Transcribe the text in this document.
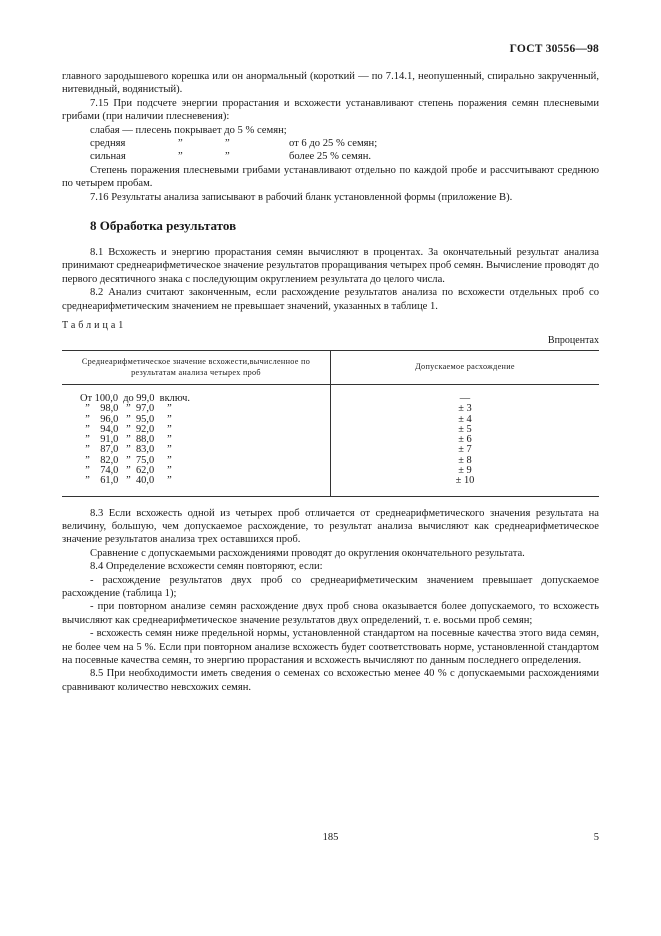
ГОСТ 30556—98

главного зародышевого корешка или он анормальный (короткий — по 7.14.1, неопушенный, спирально закрученный, нитевидный, водянистый).

7.15 При подсчете энергии прорастания и всхожести устанавливают степень поражения семян плесневыми грибами (при наличии плесневения):

слабая — плесень покрывает до 5 % семян;
средняя	”	”	от 6 до 25 % семян;
сильная	”	”	более 25 % семян.

Степень поражения плесневыми грибами устанавливают отдельно по каждой пробе и рассчитывают среднюю по четырем пробам.

7.16 Результаты анализа записывают в рабочий бланк установленной формы (приложение В).

8 Обработка результатов

8.1 Всхожесть и энергию прорастания семян вычисляют в процентах. За окончательный результат анализа принимают среднеарифметическое значение результатов проращивания четырех проб семян. Вычисление проводят до первого десятичного знака с последующим округлением результата до целого числа.

8.2 Анализ считают законченным, если расхождение результатов анализа по всхожести отдельных проб со среднеарифметическим значением не превышает значений, указанных в таблице 1.

Таблица1
Впроцентах
Среднеарифметическое значение всхожести,вычисленное по результатам анализа четырех проб	Допускаемое расхождение
От 100,0  до 99,0  включ.	—
”    98,0   ”  97,0     ”	± 3
”    96,0   ”  95,0     ”	± 4
”    94,0   ”  92,0     ”	± 5
”    91,0   ”  88,0     ”	± 6
”    87,0   ”  83,0     ”	± 7
”    82,0   ”  75,0     ”	± 8
”    74,0   ”  62,0     ”	± 9
”    61,0   ”  40,0     ”	± 10

8.3 Если всхожесть одной из четырех проб отличается от среднеарифметического значения результата на величину, большую, чем допускаемое расхождение, то результат анализа вычисляют как среднеарифметическое значение результатов анализа трех оставшихся проб.

Сравнение с допускаемыми расхождениями проводят до округления окончательного результата.

8.4 Определение всхожести семян повторяют, если:

- расхождение результатов двух проб со среднеарифметическим значением превышает допускаемое расхождение (таблица 1);

- при повторном анализе семян расхождение двух проб снова оказывается более допускаемого, то всхожесть вычисляют как среднеарифметическое значение результатов двух определений, т. е. восьми проб семян;

- всхожесть семян ниже предельной нормы, установленной стандартом на посевные качества этого вида семян, не более чем на 5 %. Если при повторном анализе всхожесть будет соответствовать норме, установленной стандартом на посевные качества семян, то энергию прорастания и всхожесть вычисляют по данным последнего определения.

8.5 При необходимости иметь сведения о семенах со всхожестью менее 40 % с допускаемыми расхождениями сравнивают количество невсхожих семян.

185	5
